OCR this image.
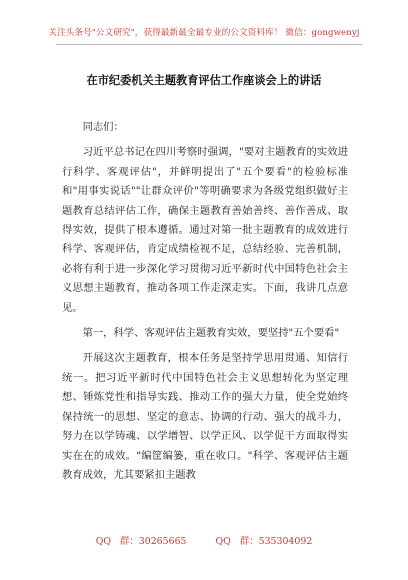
关注头条号"公文研究"，获得最新最全最专业的公文资料库！ 微信：gongwenyj
在市纪委机关主题教育评估工作座谈会上的讲话

同志们：

习近平总书记在四川考察时强调，"要对主题教育的实效进行科学、客观评估"，并鲜明提出了"五个要看"的检验标准和"用事实说话""让群众评价"等明确要求为各级党组织做好主题教育总结评估工作，确保主题教育善始善终、善作善成、取得实效，提供了根本遵循。通过对第一批主题教育的成效进行科学、客观评估，肯定成绩检视不足，总结经验、完善机制，必将有利于进一步深化学习贯彻习近平新时代中国特色社会主义思想主题教育，推动各项工作走深走实。下面，我讲几点意见。

第一，科学、客观评估主题教育实效，要坚持"五个要看"

开展这次主题教育，根本任务是坚持学思用贯通、知信行统一。把习近平新时代中国特色社会主义思想转化为坚定理想、锤炼党性和指导实践、推动工作的强大力量，使全党始终保持统一的思想、坚定的意志、协调的行动、强大的战斗力，努力在以学铸魂、以学增智、以学正风、以学促干方面取得实实在在的成效。"编筐编篓，重在收口。"科学、客观评估主题教育成效，尤其要紧扣主题教

QQ 群：30265665	QQ 群：535304092
